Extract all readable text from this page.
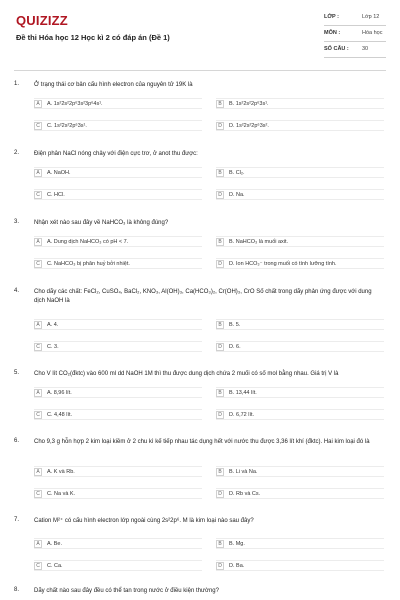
QUIZIZZ
Đề thi Hóa học 12 Học kì 2 có đáp án (Đề 1)
LỚP :	Lớp 12
MÔN :	Hóa học
SỐ CÂU : 30
1. Ở trạng thái cơ bản cấu hình electron của nguyên tử 19K là
A	A. 1s²2s²2p⁶3s²3p⁶4s¹.	B	B. 1s²2s²2p⁶3s¹.
C	C. 1s²2s²2p⁶3s¹.	D	D. 1s²2s²2p⁶3s².
2. Điện phân NaCl nóng chảy với điện cực trơ, ở anot thu được:
A	A. NaOH.	B	B. Cl₂.
C	C. HCl.	D	D. Na.
3. Nhận xét nào sau đây về NaHCO₃ là không đúng?
A	A. Dung dịch NaHCO₃ có pH < 7.	B	B. NaHCO₃ là muối axit.
C	C. NaHCO₃ bị phân huỷ bởi nhiệt.	D	D. Ion HCO₃⁻ trong muối có tính lưỡng tính.
4. Cho dãy các chất: FeCl₂, CuSO₄, BaCl₂, KNO₃, Al(OH)₃, Ca(HCO₃)₂, Cr(OH)₃, CrO Số chất trong dãy phản ứng được với dung dịch NaOH là
A	A. 4.	B	B. 5.
C	C. 3.	D	D. 6.
5. Cho V lít CO₂(đktc) vào 600 ml dd NaOH 1M thì thu được dung dịch chứa 2 muối có số mol bằng nhau. Giá trị V là
A	A. 8,96 lít.	B	B. 13,44 lít.
C	C. 4,48 lít.	D	D. 6,72 lít.
6. Cho 9,3 g hỗn hợp 2 kim loại kiềm ở 2 chu kì kế tiếp nhau tác dụng hết với nước thu được 3,36 lít khí (đktc). Hai kim loại đó là
A	A. K và Rb.	B	B. Li và Na.
C	C. Na và K.	D	D. Rb và Cs.
7. Cation M²⁺ có cấu hình electron lớp ngoài cùng 2s²2p⁶. M là kim loại nào sau đây?
A	A. Be.	B	B. Mg.
C	C. Ca.	D	D. Ba.
8. Dãy chất nào sau đây đều có thể tan trong nước ở điều kiện thường?
